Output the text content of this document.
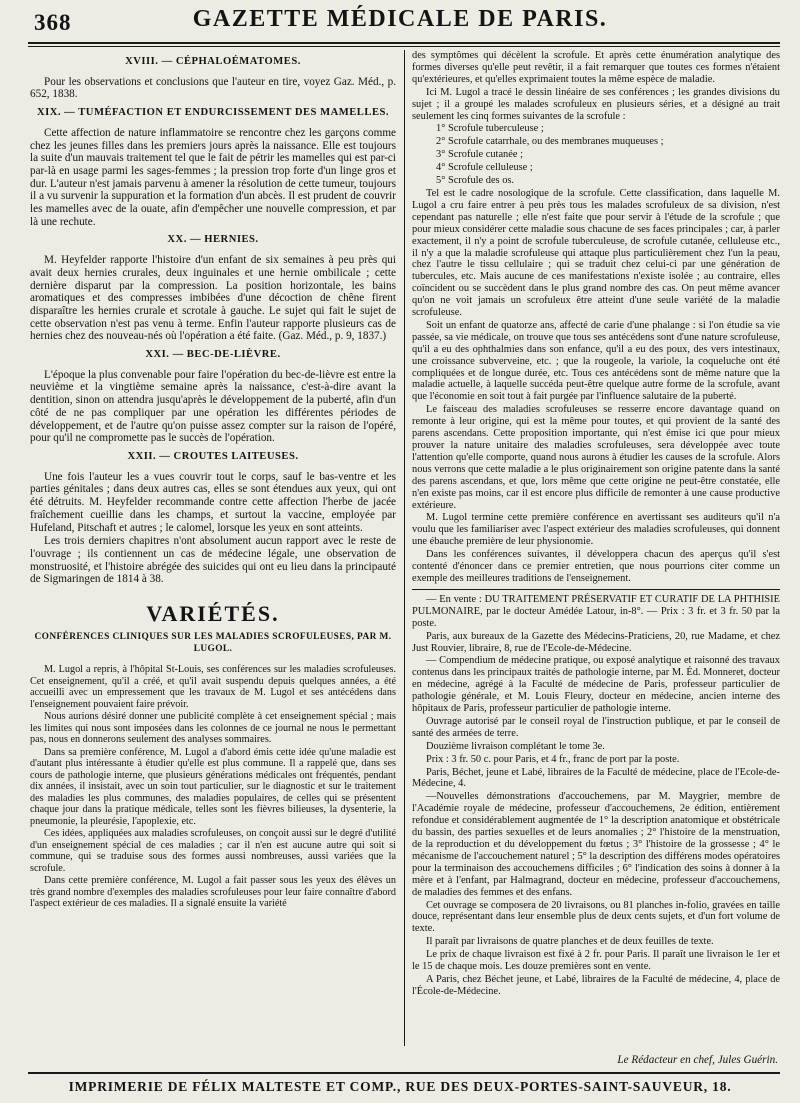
368	GAZETTE MÉDICALE DE PARIS.
XVIII. — CÉPHALOÉMATOMES.

Pour les observations et conclusions que l'auteur en tire, voyez Gaz. Méd., p. 652, 1838.

XIX. — TUMÉFACTION ET ENDURCISSEMENT DES MAMELLES.

Cette affection de nature inflammatoire se rencontre chez les garçons comme chez les jeunes filles dans les premiers jours après la naissance. Elle est toujours la suite d'un mauvais traitement tel que le fait de pétrir les mamelles qui est par-ci par-là en usage parmi les sages-femmes ; la pression trop forte d'un linge gros et dur. L'auteur n'est jamais parvenu à amener la résolution de cette tumeur, toujours il a vu survenir la suppuration et la formation d'un abcès. Il est prudent de couvrir les mamelles avec de la ouate, afin d'empêcher une nouvelle compression, et par là une rechute.

XX. — HERNIES.

M. Heyfelder rapporte l'histoire d'un enfant de six semaines à peu près qui avait deux hernies crurales, deux inguinales et une hernie ombilicale ; cette dernière disparut par la compression. La position horizontale, les bains aromatiques et des compresses imbibées d'une décoction de chêne firent disparaître les hernies crurale et scrotale à gauche. Le sujet qui fait le sujet de cette observation n'est pas venu à terme. Enfin l'auteur rapporte plusieurs cas de hernies chez des nouveau-nés où l'opération a été faite. (Gaz. Méd., p. 9, 1837.)

XXI. — BEC-DE-LIÈVRE.

L'époque la plus convenable pour faire l'opération du bec-de-lièvre est entre la neuvième et la vingtième semaine après la naissance, c'est-à-dire avant la dentition, sinon on attendra jusqu'après le développement de la puberté, afin d'un côté de ne pas compliquer par une opération les différentes périodes de développement, et de l'autre qu'on puisse assez compter sur la raison de l'opéré, pour qu'il ne compromette pas le succès de l'opération.

XXII. — CROUTES LAITEUSES.

Une fois l'auteur les a vues couvrir tout le corps, sauf le bas-ventre et les parties génitales ; dans deux autres cas, elles se sont étendues aux yeux, qui ont été détruits. M. Heyfelder recommande contre cette affection l'herbe de jacée fraîchement cueillie dans les champs, et surtout la vaccine, employée par Hufeland, Pitschaft et autres ; le calomel, lorsque les yeux en sont atteints.

Les trois derniers chapitres n'ont absolument aucun rapport avec le reste de l'ouvrage ; ils contiennent un cas de médecine légale, une observation de monstruosité, et l'histoire abrégée des suicides qui ont eu lieu dans la principauté de Sigmaringen de 1814 à 38.

VARIÉTÉS.
CONFÉRENCES CLINIQUES SUR LES MALADIES SCROFULEUSES, PAR M. LUGOL.

M. Lugol a repris, à l'hôpital St-Louis, ses conférences sur les maladies scrofuleuses. Cet enseignement, qu'il a créé, et qu'il avait suspendu depuis quelques années, a été accueilli avec un empressement que les travaux de M. Lugol et ses antécédens dans l'enseignement pouvaient faire prévoir.

Nous aurions désiré donner une publicité complète à cet enseignement spécial ; mais les limites qui nous sont imposées dans les colonnes de ce journal ne nous le permettant pas, nous en donnerons seulement des analyses sommaires.

Dans sa première conférence, M. Lugol a d'abord émis cette idée qu'une maladie est d'autant plus intéressante à étudier qu'elle est plus commune. Il a rappelé que, dans ses cours de pathologie interne, que plusieurs générations médicales ont fréquentés, pendant dix années, il insistait, avec un soin tout particulier, sur le diagnostic et sur le traitement des maladies les plus communes, des maladies populaires, de celles qui se présentent chaque jour dans la pratique médicale, telles sont les fièvres bilieuses, la dysenterie, la pneumonie, la pleurésie, l'apoplexie, etc.

Ces idées, appliquées aux maladies scrofuleuses, on conçoit aussi sur le degré d'utilité d'un enseignement spécial de ces maladies ; car il n'en est aucune autre qui soit si commune, qui se traduise sous des formes aussi nombreuses, aussi variées que la scrofule.

Dans cette première conférence, M. Lugol a fait passer sous les yeux des élèves un très grand nombre d'exemples des maladies scrofuleuses pour leur faire connaître d'abord l'aspect extérieur de ces maladies. Il a signalé ensuite la variété

des symptômes qui décèlent la scrofule. Et après cette énumération analytique des formes diverses qu'elle peut revêtir, il a fait remarquer que toutes ces formes n'étaient qu'extérieures, et qu'elles exprimaient toutes la même espèce de maladie.

Ici M. Lugol a tracé le dessin linéaire de ses conférences ; les grandes divisions du sujet ; il a groupé les malades scrofuleux en plusieurs séries, et a désigné au trait seulement les cinq formes suivantes de la scrofule :

1° Scrofule tuberculeuse ;

2° Scrofule catarrhale, ou des membranes muqueuses ;

3° Scrofule cutanée ;

4° Scrofule celluleuse ;

5° Scrofule des os.

Tel est le cadre nosologique de la scrofule. Cette classification, dans laquelle M. Lugol a cru faire entrer à peu près tous les malades scrofuleux de sa division, n'est cependant pas naturelle ; elle n'est faite que pour servir à l'étude de la scrofule ; que pour mieux considérer cette maladie sous chacune de ses faces principales ; car, à parler exactement, il n'y a point de scrofule tuberculeuse, de scrofule cutanée, celluleuse etc., il n'y a que la maladie scrofuleuse qui attaque plus particulièrement chez l'un la peau, chez l'autre le tissu cellulaire ; qui se traduit chez celui-ci par une génération de tubercules, etc. Mais aucune de ces manifestations n'existe isolée ; au contraire, elles coïncident ou se succèdent dans le plus grand nombre des cas. On peut même avancer qu'on ne voit jamais un scrofuleux être atteint d'une seule variété de la maladie scrofuleuse.

Soit un enfant de quatorze ans, affecté de carie d'une phalange : si l'on étudie sa vie passée, sa vie médicale, on trouve que tous ses antécédens sont d'une nature scrofuleuse, qu'il a eu des ophthalmies dans son enfance, qu'il a eu des poux, des vers intestinaux, une croissance subverveine, etc. ; que la rougeole, la variole, la coqueluche ont été compliquées et de longue durée, etc. Tous ces antécédens sont de même nature que la maladie actuelle, à laquelle succéda peut-être quelque autre forme de la scrofule, avant que l'économie en soit tout à fait purgée par l'influence salutaire de la puberté.

Le faisceau des maladies scrofuleuses se resserre encore davantage quand on remonte à leur origine, qui est la même pour toutes, et qui provient de la santé des parens ascendans. Cette proposition importante, qui n'est émise ici que pour mieux prouver la nature unitaire des maladies scrofuleuses, sera développée avec toute l'attention qu'elle comporte, quand nous aurons à étudier les causes de la scrofule. Alors nous verrons que cette maladie a le plus originairement son origine patente dans la santé des parens ascendans, et que, lors même que cette origine ne peut-être constatée, elle n'en existe pas moins, car il est encore plus difficile de remonter à une cause productive extérieure.

M. Lugol termine cette première conférence en avertissant ses auditeurs qu'il n'a voulu que les familiariser avec l'aspect extérieur des maladies scrofuleuses, qui donnent une ébauche première de leur physionomie.

Dans les conférences suivantes, il développera chacun des aperçus qu'il s'est contenté d'énoncer dans ce premier entretien, que nous pourrions citer comme un exemple des meilleures traditions de l'enseignement.

— En vente : DU TRAITEMENT PRÉSERVATIF ET CURATIF DE LA PHTHISIE PULMONAIRE, par le docteur Amédée Latour, in-8°. — Prix : 3 fr. et 3 fr. 50 par la poste.

Paris, aux bureaux de la Gazette des Médecins-Praticiens, 20, rue Madame, et chez Just Rouvier, libraire, 8, rue de l'Ecole-de-Médecine.

— Compendium de médecine pratique, ou exposé analytique et raisonné des travaux contenus dans les principaux traités de pathologie interne, par M. Éd. Monneret, docteur en médecine, agrégé à la Faculté de médecine de Paris, professeur particulier de pathologie générale, et M. Louis Fleury, docteur en médecine, ancien interne des hôpitaux de Paris, professeur particulier de pathologie interne.

Ouvrage autorisé par le conseil royal de l'instruction publique, et par le conseil de santé des armées de terre.

Douzième livraison complétant le tome 3e.

Prix : 3 fr. 50 c. pour Paris, et 4 fr., franc de port par la poste.

Paris, Béchet, jeune et Labé, libraires de la Faculté de médecine, place de l'Ecole-de-Médecine, 4.

—Nouvelles démonstrations d'accouchemens, par M. Maygrier, membre de l'Académie royale de médecine, professeur d'accouchemens, 2e édition, entièrement refondue et considérablement augmentée de 1° la description anatomique et obstétricale du bassin, des parties sexuelles et de leurs anomalies ; 2° l'histoire de la menstruation, de la reproduction et du développement du fœtus ; 3° l'histoire de la grossesse ; 4° le mécanisme de l'accouchement naturel ; 5° la description des différens modes opératoires pour la terminaison des accouchemens difficiles ; 6° l'indication des soins à donner à la mère et à l'enfant, par Halmagrand, docteur en médecine, professeur d'accouchemens, de maladies des femmes et des enfans.

Cet ouvrage se composera de 20 livraisons, ou 81 planches in-folio, gravées en taille douce, représentant dans leur ensemble plus de deux cents sujets, et d'un fort volume de texte.

Il paraît par livraisons de quatre planches et de deux feuilles de texte.

Le prix de chaque livraison est fixé à 2 fr. pour Paris. Il paraît une livraison le 1er et le 15 de chaque mois. Les douze premières sont en vente.

A Paris, chez Béchet jeune, et Labé, libraires de la Faculté de médecine, 4, place de l'École-de-Médecine.

Le Rédacteur en chef, Jules Guérin.
IMPRIMERIE DE FÉLIX MALTESTE ET COMP., RUE DES DEUX-PORTES-SAINT-SAUVEUR, 18.
